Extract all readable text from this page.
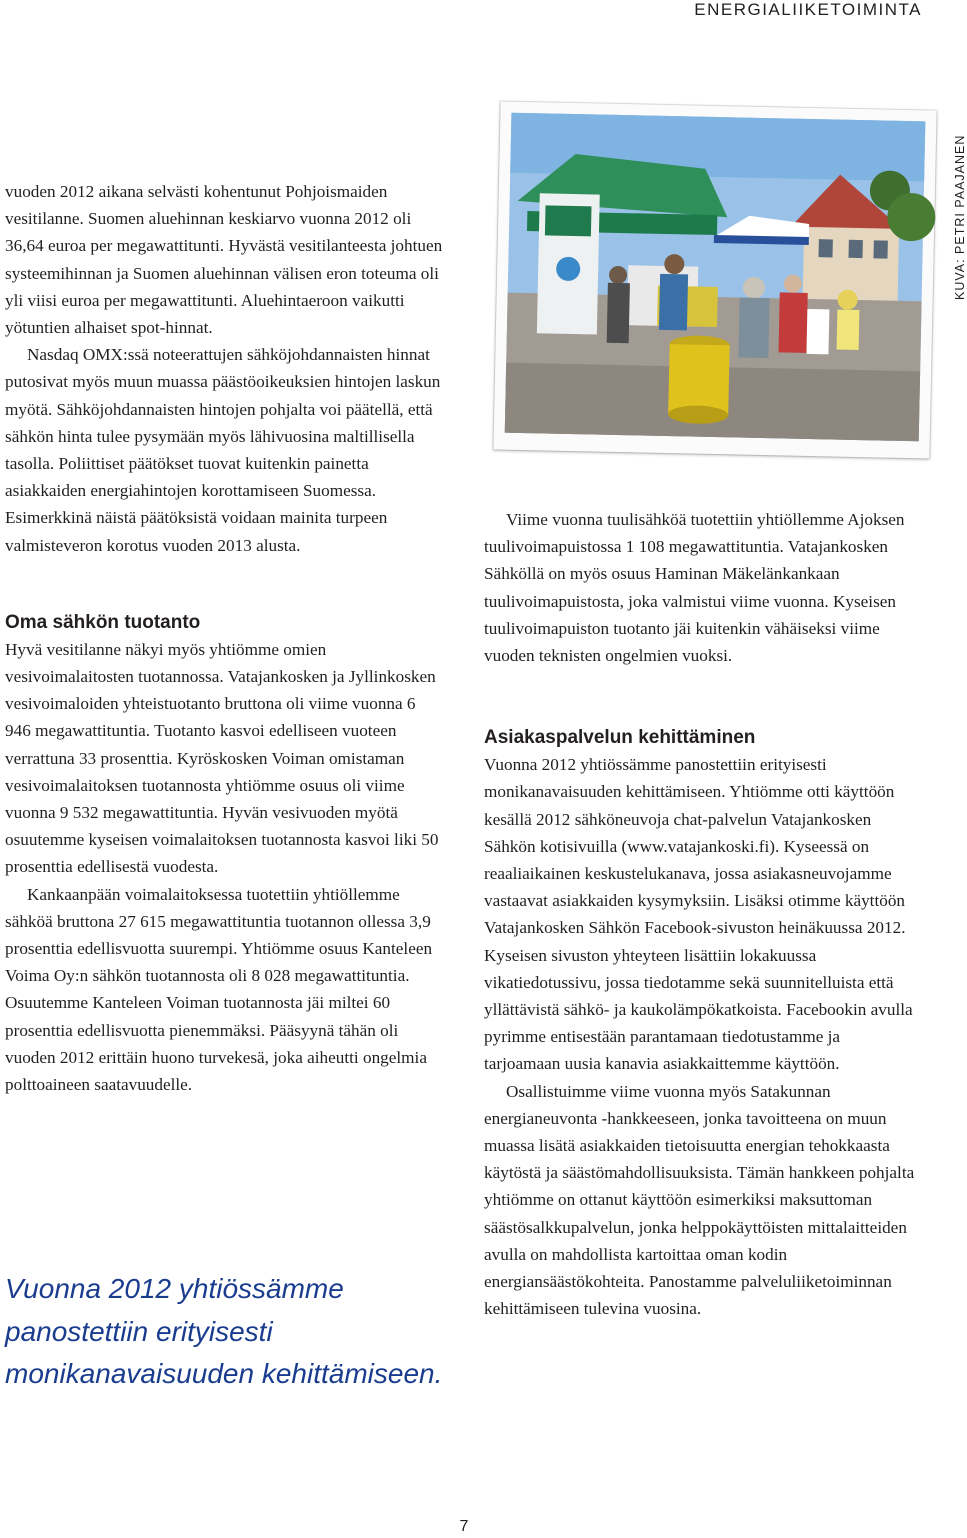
ENERGIALIIKETOIMINTA

vuoden 2012 aikana selvästi kohentunut Pohjoismaiden vesitilanne. Suomen aluehinnan keskiarvo vuonna 2012 oli 36,64 euroa per megawattitunti. Hyvästä vesitilanteesta johtuen systeemihinnan ja Suomen aluehinnan välisen eron toteuma oli yli viisi euroa per megawattitunti. Aluehintaeroon vaikutti yötuntien alhaiset spot-hinnat.

Nasdaq OMX:ssä noteerattujen sähköjohdannaisten hinnat putosivat myös muun muassa päästöoikeuksien hintojen laskun myötä. Sähköjohdannaisten hintojen pohjalta voi päätellä, että sähkön hinta tulee pysymään myös lähivuosina maltillisella tasolla. Poliittiset päätökset tuovat kuitenkin painetta asiakkaiden energiahintojen korottamiseen Suomessa. Esimerkkinä näistä päätöksistä voidaan mainita turpeen valmisteveron korotus vuoden 2013 alusta.

Oma sähkön tuotanto

Hyvä vesitilanne näkyi myös yhtiömme omien vesivoimalaitosten tuotannossa. Vatajankosken ja Jyllinkosken vesivoimaloiden yhteistuotanto bruttona oli viime vuonna 6 946 megawattituntia. Tuotanto kasvoi edelliseen vuoteen verrattuna 33 prosenttia. Kyröskosken Voiman omistaman vesivoimalaitoksen tuotannosta yhtiömme osuus oli viime vuonna 9 532 megawattituntia. Hyvän vesivuoden myötä osuutemme kyseisen voimalaitoksen tuotannosta kasvoi liki 50 prosenttia edellisestä vuodesta.

Kankaanpään voimalaitoksessa tuotettiin yhtiöllemme sähköä bruttona 27 615 megawattituntia tuotannon ollessa 3,9 prosenttia edellisvuotta suurempi. Yhtiömme osuus Kanteleen Voima Oy:n sähkön tuotannosta oli 8 028 megawattituntia. Osuutemme Kanteleen Voiman tuotannosta jäi miltei 60 prosenttia edellisvuotta pienemmäksi. Pääsyynä tähän oli vuoden 2012 erittäin huono turvekesä, joka aiheutti ongelmia polttoaineen saatavuudelle.

Vuonna 2012 yhtiössämme panostettiin erityisesti monikanavaisuuden kehittämiseen.

KUVA: PETRI PAAJANEN

Viime vuonna tuulisähköä tuotettiin yhtiöllemme Ajoksen tuulivoimapuistossa 1 108 megawattituntia. Vatajankosken Sähköllä on myös osuus Haminan Mäkelänkankaan tuulivoimapuistosta, joka valmistui viime vuonna. Kyseisen tuulivoimapuiston tuotanto jäi kuitenkin vähäiseksi viime vuoden teknisten ongelmien vuoksi.

Asiakaspalvelun kehittäminen

Vuonna 2012 yhtiössämme panostettiin erityisesti monikanavaisuuden kehittämiseen. Yhtiömme otti käyttöön kesällä 2012 sähköneuvoja chat-palvelun Vatajankosken Sähkön kotisivuilla (www.vatajankoski.fi). Kyseessä on reaaliaikainen keskustelukanava, jossa asiakasneuvojamme vastaavat asiakkaiden kysymyksiin. Lisäksi otimme käyttöön Vatajankosken Sähkön Facebook-sivuston heinäkuussa 2012. Kyseisen sivuston yhteyteen lisättiin lokakuussa vikatiedotussivu, jossa tiedotamme sekä suunnitelluista että yllättävistä sähkö- ja kaukolämpökatkoista. Facebookin avulla pyrimme entisestään parantamaan tiedotustamme ja tarjoamaan uusia kanavia asiakkaittemme käyttöön.

Osallistuimme viime vuonna myös Satakunnan energianeuvonta -hankkeeseen, jonka tavoitteena on muun muassa lisätä asiakkaiden tietoisuutta energian tehokkaasta käytöstä ja säästömahdollisuuksista. Tämän hankkeen pohjalta yhtiömme on ottanut käyttöön esimerkiksi maksuttoman säästösalkkupalvelun, jonka helppokäyttöisten mittalaitteiden avulla on mahdollista kartoittaa oman kodin energiansäästökohteita. Panostamme palveluliiketoiminnan kehittämiseen tulevina vuosina.

7
